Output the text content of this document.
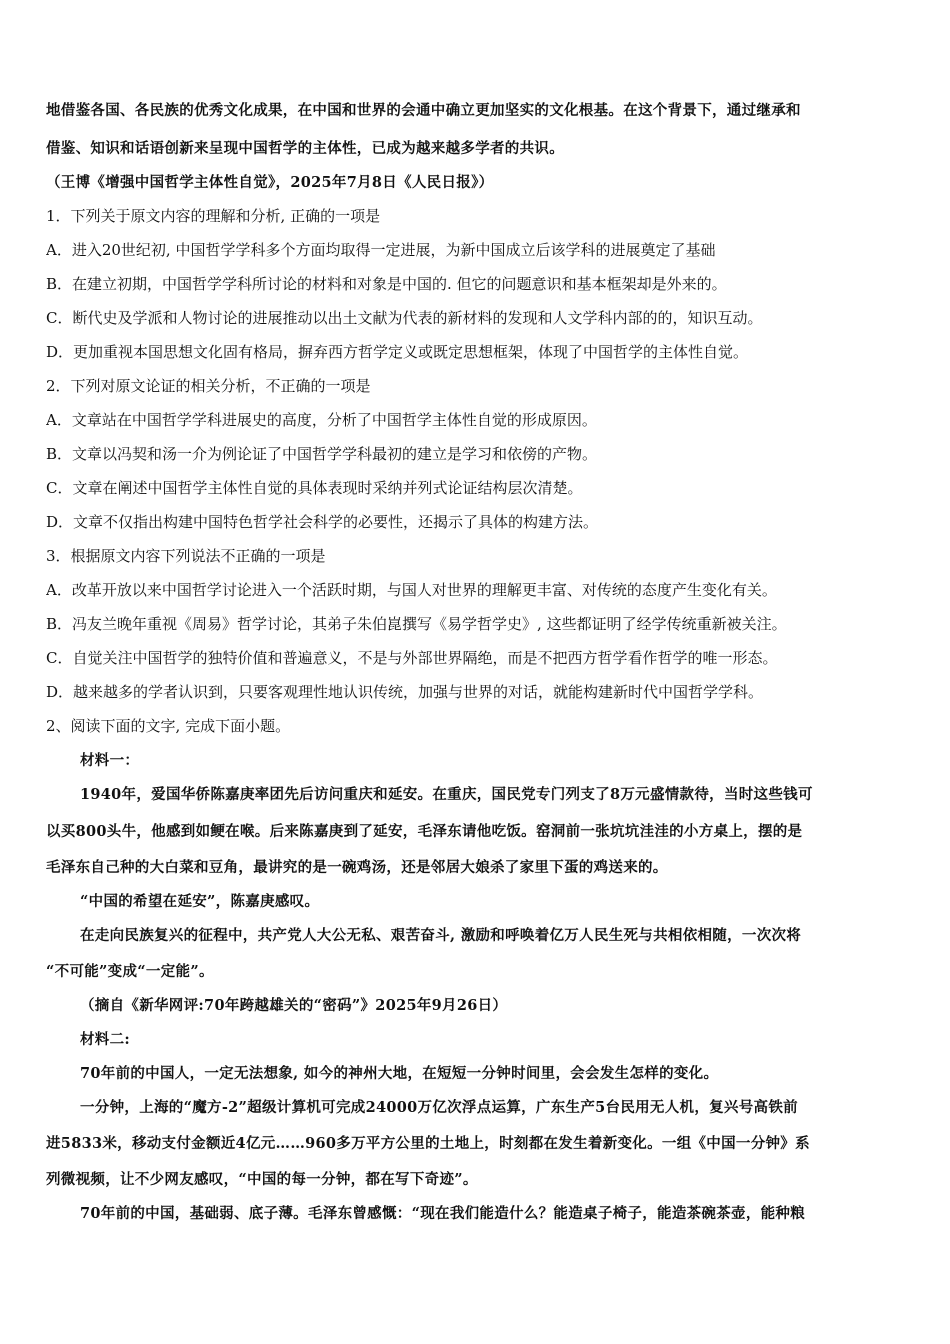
地借鉴各国、各民族的优秀文化成果，在中国和世界的会通中确立更加坚实的文化根基。在这个背景下，通过继承和
借鉴、知识和话语创新来呈现中国哲学的主体性，已成为越来越多学者的共识。
（王博《增强中国哲学主体性自觉》，2025年7月8日《人民日报》）
1．下列关于原文内容的理解和分析, 正确的一项是
A．进入20世纪初, 中国哲学学科多个方面均取得一定进展，为新中国成立后该学科的进展奠定了基础
B．在建立初期，中国哲学学科所讨论的材料和对象是中国的. 但它的问题意识和基本框架却是外来的。
C．断代史及学派和人物讨论的进展推动以出土文献为代表的新材料的发现和人文学科内部的的，知识互动。
D．更加重视本国思想文化固有格局，摒弃西方哲学定义或既定思想框架，体现了中国哲学的主体性自觉。
2．下列对原文论证的相关分析，不正确的一项是
A．文章站在中国哲学学科进展史的高度，分析了中国哲学主体性自觉的形成原因。
B．文章以冯契和汤一介为例论证了中国哲学学科最初的建立是学习和依傍的产物。
C．文章在阐述中国哲学主体性自觉的具体表现时采纳并列式论证结构层次清楚。
D．文章不仅指出构建中国特色哲学社会科学的必要性，还揭示了具体的构建方法。
3．根据原文内容下列说法不正确的一项是
A．改革开放以来中国哲学讨论进入一个活跃时期，与国人对世界的理解更丰富、对传统的态度产生变化有关。
B．冯友兰晚年重视《周易》哲学讨论，其弟子朱伯崑撰写《易学哲学史》, 这些都证明了经学传统重新被关注。
C．自觉关注中国哲学的独特价值和普遍意义，不是与外部世界隔绝，而是不把西方哲学看作哲学的唯一形态。
D．越来越多的学者认识到，只要客观理性地认识传统，加强与世界的对话，就能构建新时代中国哲学学科。
2、阅读下面的文字, 完成下面小题。
材料一：
1940年，爱国华侨陈嘉庚率团先后访问重庆和延安。在重庆，国民党专门列支了8万元盛情款待，当时这些钱可
以买800头牛，他感到如鲠在喉。后来陈嘉庚到了延安，毛泽东请他吃饭。窑洞前一张坑坑洼洼的小方桌上，摆的是
毛泽东自己种的大白菜和豆角，最讲究的是一碗鸡汤，还是邻居大娘杀了家里下蛋的鸡送来的。
“中国的希望在延安”，陈嘉庚感叹。
在走向民族复兴的征程中，共产党人大公无私、艰苦奋斗, 激励和呼唤着亿万人民生死与共相依相随，一次次将
“不可能”变成“一定能”。
（摘自《新华网评:70年跨越雄关的“密码”》2025年9月26日）
材料二:
70年前的中国人，一定无法想象, 如今的神州大地，在短短一分钟时间里，会会发生怎样的变化。
一分钟，上海的“魔方-2”超级计算机可完成24000万亿次浮点运算，广东生产5台民用无人机，复兴号高铁前
进5833米，移动支付金额近4亿元……960多万平方公里的土地上，时刻都在发生着新变化。一组《中国一分钟》系
列微视频，让不少网友感叹，“中国的每一分钟，都在写下奇迹”。
70年前的中国，基础弱、底子薄。毛泽东曾感慨：“现在我们能造什么？能造桌子椅子，能造茶碗茶壶，能种粮
